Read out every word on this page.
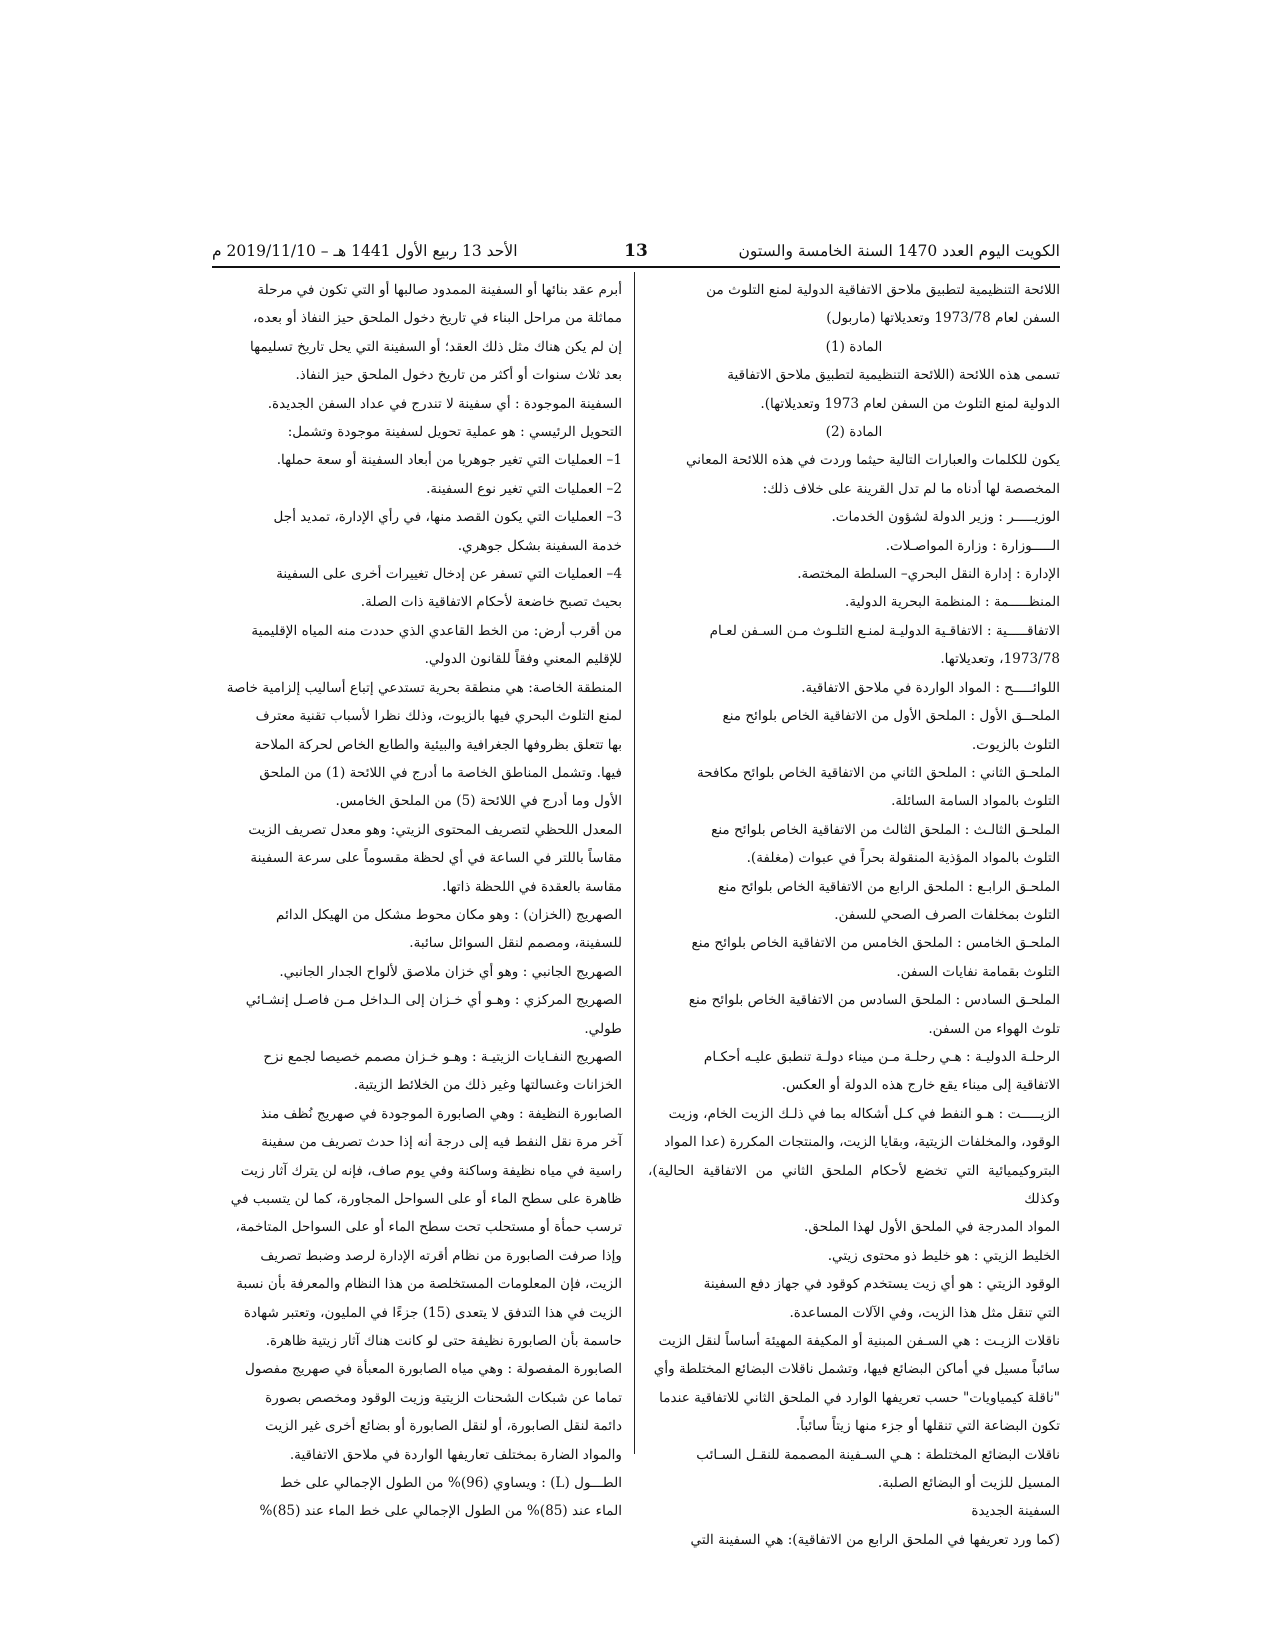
الكويت اليوم العدد 1470 السنة الخامسة والستون
13
الأحد 13 ربيع الأول 1441 هـ – 2019/11/10 م

اللائحة التنظيمية لتطبيق ملاحق الاتفاقية الدولية لمنع التلوث من

السفن لعام 1973/78 وتعديلاتها (ماربول)

المادة (1)

تسمى هذه اللائحة (اللائحة التنظيمية لتطبيق ملاحق الاتفاقية

الدولية لمنع التلوث من السفن لعام 1973 وتعديلاتها).

المادة (2)

يكون للكلمات والعبارات التالية حيثما وردت في هذه اللائحة المعاني

المخصصة لها أدناه ما لم تدل القرينة على خلاف ذلك:

الوزيـــــر : وزير الدولة لشؤون الخدمات.

الـــــوزارة : وزارة المواصـلات.

الإدارة : إدارة النقل البحري– السلطة المختصة.

المنظـــــمة : المنظمة البحرية الدولية.

الاتفاقـــــية : الاتفاقـية الدوليـة لمنـع التلـوث مـن السـفن لعـام

1973/78، وتعديلاتها.

اللوائـــــح : المواد الواردة في ملاحق الاتفاقية.

الملحــق الأول : الملحق الأول من الاتفاقية الخاص بلوائح منع

التلوث بالزيوت.

الملحـق الثاني : الملحق الثاني من الاتفاقية الخاص بلوائح مكافحة

التلوث بالمواد السامة السائلة.

الملحـق الثالـث : الملحق الثالث من الاتفاقية الخاص بلوائح منع

التلوث بالمواد المؤذية المنقولة بحراً في عبوات (مغلفة).

الملحـق الرابـع : الملحق الرابع من الاتفاقية الخاص بلوائح منع

التلوث بمخلفات الصرف الصحي للسفن.

الملحـق الخامس : الملحق الخامس من الاتفاقية الخاص بلوائح منع

التلوث بقمامة نفايات السفن.

الملحـق السادس : الملحق السادس من الاتفاقية الخاص بلوائح منع

تلوث الهواء من السفن.

الرحلـة الدوليـة : هـي رحلـة مـن ميناء دولـة تنطبق عليـه أحكـام

الاتفاقية إلى ميناء يقع خارج هذه الدولة أو العكس.

الزيـــــت : هـو النفط في كـل أشكاله بما في ذلـك الزيت الخام، وزيت

الوقود، والمخلفات الزيتية، وبقايا الزيت، والمنتجات المكررة (عدا المواد

البتروكيميائية التي تخضع لأحكام الملحق الثاني من الاتفاقية الحالية)، وكذلك

المواد المدرجة في الملحق الأول لهذا الملحق.

الخليط الزيتي : هو خليط ذو محتوى زيتي.

الوقود الزيتي : هو أي زيت يستخدم كوقود في جهاز دفع السفينة

التي تنقل مثل هذا الزيت، وفي الآلات المساعدة.

ناقلات الزيـت : هي السـفن المبنية أو المكيفة المهيئة أساساً لنقل الزيت

سائباً مسيل في أماكن البضائع فيها، وتشمل ناقلات البضائع المختلطة وأي

"ناقلة كيمياويات" حسب تعريفها الوارد في الملحق الثاني للاتفاقية عندما

تكون البضاعة التي تنقلها أو جزء منها زيتاً سائباً.

ناقلات البضائع المختلطة : هـي السـفينة المصممة للنقـل السـائب

المسيل للزيت أو البضائع الصلبة.

السفينة الجديدة

(كما ورد تعريفها في الملحق الرابع من الاتفاقية): هي السفينة التي

أبرم عقد بنائها أو السفينة الممدود صالبها أو التي تكون في مرحلة

مماثلة من مراحل البناء في تاريخ دخول الملحق حيز النفاذ أو بعده،

إن لم يكن هناك مثل ذلك العقد؛ أو السفينة التي يحل تاريخ تسليمها

بعد ثلاث سنوات أو أكثر من تاريخ دخول الملحق حيز النفاذ.

السفينة الموجودة : أي سفينة لا تندرج في عداد السفن الجديدة.

التحويل الرئيسي : هو عملية تحويل لسفينة موجودة وتشمل:

1– العمليات التي تغير جوهريا من أبعاد السفينة أو سعة حملها.

2– العمليات التي تغير نوع السفينة.

3– العمليات التي يكون القصد منها، في رأي الإدارة، تمديد أجل

خدمة السفينة بشكل جوهري.

4– العمليات التي تسفر عن إدخال تغييرات أخرى على السفينة

بحيث تصبح خاضعة لأحكام الاتفاقية ذات الصلة.

من أقرب أرض: من الخط القاعدي الذي حددت منه المياه الإقليمية

للإقليم المعني وفقاً للقانون الدولي.

المنطقة الخاصة: هي منطقة بحرية تستدعي إتباع أساليب إلزامية خاصة

لمنع التلوث البحري فيها بالزيوت، وذلك نظرا لأسباب تقنية معترف

بها تتعلق بظروفها الجغرافية والبيئية والطابع الخاص لحركة الملاحة

فيها. وتشمل المناطق الخاصة ما أدرج في اللائحة (1) من الملحق

الأول وما أدرج في اللائحة (5) من الملحق الخامس.

المعدل اللحظي لتصريف المحتوى الزيتي: وهو معدل تصريف الزيت

مقاساً باللتر في الساعة في أي لحظة مقسوماً على سرعة السفينة

مقاسة بالعقدة في اللحظة ذاتها.

الصهريج (الخزان) : وهو مكان محوط مشكل من الهيكل الدائم

للسفينة، ومصمم لنقل السوائل سائبة.

الصهريج الجانبي : وهو أي خزان ملاصق لألواح الجدار الجانبي.

الصهريج المركزي : وهـو أي خـزان إلى الـداخل مـن فاصـل إنشـائي

طولي.

الصهريج النفـايات الزيتيـة : وهـو خـزان مصمم خصيصا لجمع نزح

الخزانات وغسالتها وغير ذلك من الخلائط الزيتية.

الصابورة النظيفة : وهي الصابورة الموجودة في صهريج نُظف منذ

آخر مرة نقل النفط فيه إلى درجة أنه إذا حدث تصريف من سفينة

راسية في مياه نظيفة وساكنة وفي يوم صاف، فإنه لن يترك آثار زيت

ظاهرة على سطح الماء أو على السواحل المجاورة، كما لن يتسبب في

ترسب حمأة أو مستحلب تحت سطح الماء أو على السواحل المتاخمة،

وإذا صرفت الصابورة من نظام أقرته الإدارة لرصد وضبط تصريف

الزيت، فإن المعلومات المستخلصة من هذا النظام والمعرفة بأن نسبة

الزيت في هذا التدفق لا يتعدى (15) جزءًا في المليون، وتعتبر شهادة

حاسمة بأن الصابورة نظيفة حتى لو كانت هناك آثار زيتية ظاهرة.

الصابورة المفصولة : وهي مياه الصابورة المعبأة في صهريج مفصول

تماما عن شبكات الشحنات الزيتية وزيت الوقود ومخصص بصورة

دائمة لنقل الصابورة، أو لنقل الصابورة أو بضائع أخرى غير الزيت

والمواد الضارة بمختلف تعاريفها الواردة في ملاحق الاتفاقية.

الطـــول (L) : ويساوي (96)% من الطول الإجمالي على خط

الماء عند (85)% من الطول الإجمالي على خط الماء عند (85)%
